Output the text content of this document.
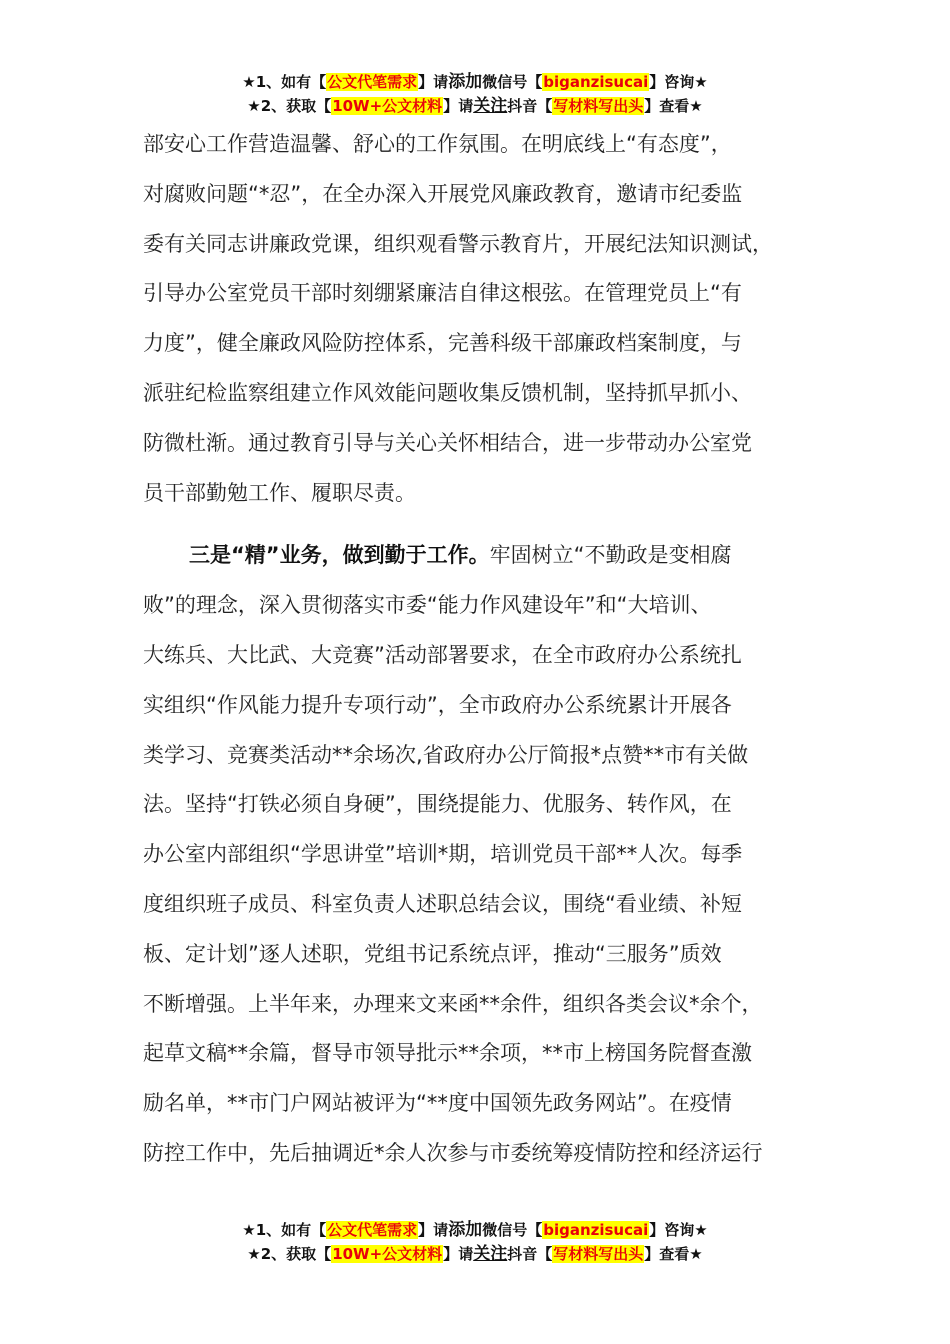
★1、如有【公文代笔需求】请添加微信号【biganzisucai】咨询★
★2、获取【10W+公文材料】请关注抖音【写材料写出头】查看★

部安心工作营造温馨、舒心的工作氛围。在明底线上“有态度”，

对腐败问题“*忍”，在全办深入开展党风廉政教育，邀请市纪委监

委有关同志讲廉政党课，组织观看警示教育片，开展纪法知识测试，

引导办公室党员干部时刻绷紧廉洁自律这根弦。在管理党员上“有

力度”，健全廉政风险防控体系，完善科级干部廉政档案制度，与

派驻纪检监察组建立作风效能问题收集反馈机制，坚持抓早抓小、

防微杜渐。通过教育引导与关心关怀相结合，进一步带动办公室党

员干部勤勉工作、履职尽责。

三是“精”业务，做到勤于工作。牢固树立“不勤政是变相腐

败”的理念，深入贯彻落实市委“能力作风建设年”和“大培训、

大练兵、大比武、大竞赛”活动部署要求，在全市政府办公系统扎

实组织“作风能力提升专项行动”，全市政府办公系统累计开展各

类学习、竞赛类活动**余场次,省政府办公厅简报*点赞**市有关做

法。坚持“打铁必须自身硬”，围绕提能力、优服务、转作风，在

办公室内部组织“学思讲堂”培训*期，培训党员干部**人次。每季

度组织班子成员、科室负责人述职总结会议，围绕“看业绩、补短

板、定计划”逐人述职，党组书记系统点评，推动“三服务”质效

不断增强。上半年来，办理来文来函**余件，组织各类会议*余个，

起草文稿**余篇，督导市领导批示**余项，**市上榜国务院督查激

励名单，**市门户网站被评为“**度中国领先政务网站”。在疫情

防控工作中，先后抽调近*余人次参与市委统筹疫情防控和经济运行

★1、如有【公文代笔需求】请添加微信号【biganzisucai】咨询★
★2、获取【10W+公文材料】请关注抖音【写材料写出头】查看★
